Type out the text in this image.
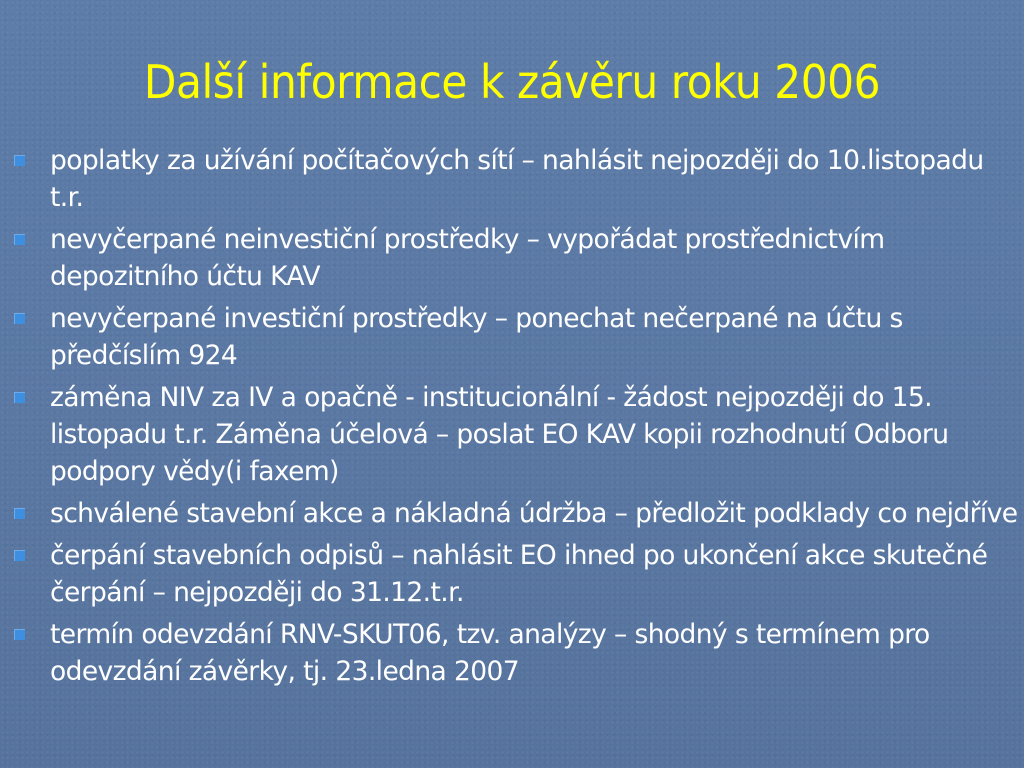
Další informace k závěru roku 2006
poplatky za užívání počítačových sítí – nahlásit nejpozději do 10.listopadu t.r.
nevyčerpané neinvestiční prostředky – vypořádat prostřednictvím depozitního účtu KAV
nevyčerpané investiční prostředky – ponechat nečerpané na účtu s předčíslím 924
záměna NIV za IV a opačně - institucionální - žádost nejpozději do 15. listopadu t.r. Záměna účelová – poslat EO KAV kopii rozhodnutí Odboru podpory vědy(i faxem)
schválené stavební akce a nákladná údržba – předložit podklady co nejdříve
čerpání stavebních odpisů – nahlásit EO ihned po ukončení akce skutečné čerpání – nejpozději do 31.12.t.r.
termín odevzdání RNV-SKUT06, tzv. analýzy – shodný s termínem pro odevzdání závěrky, tj. 23.ledna 2007
